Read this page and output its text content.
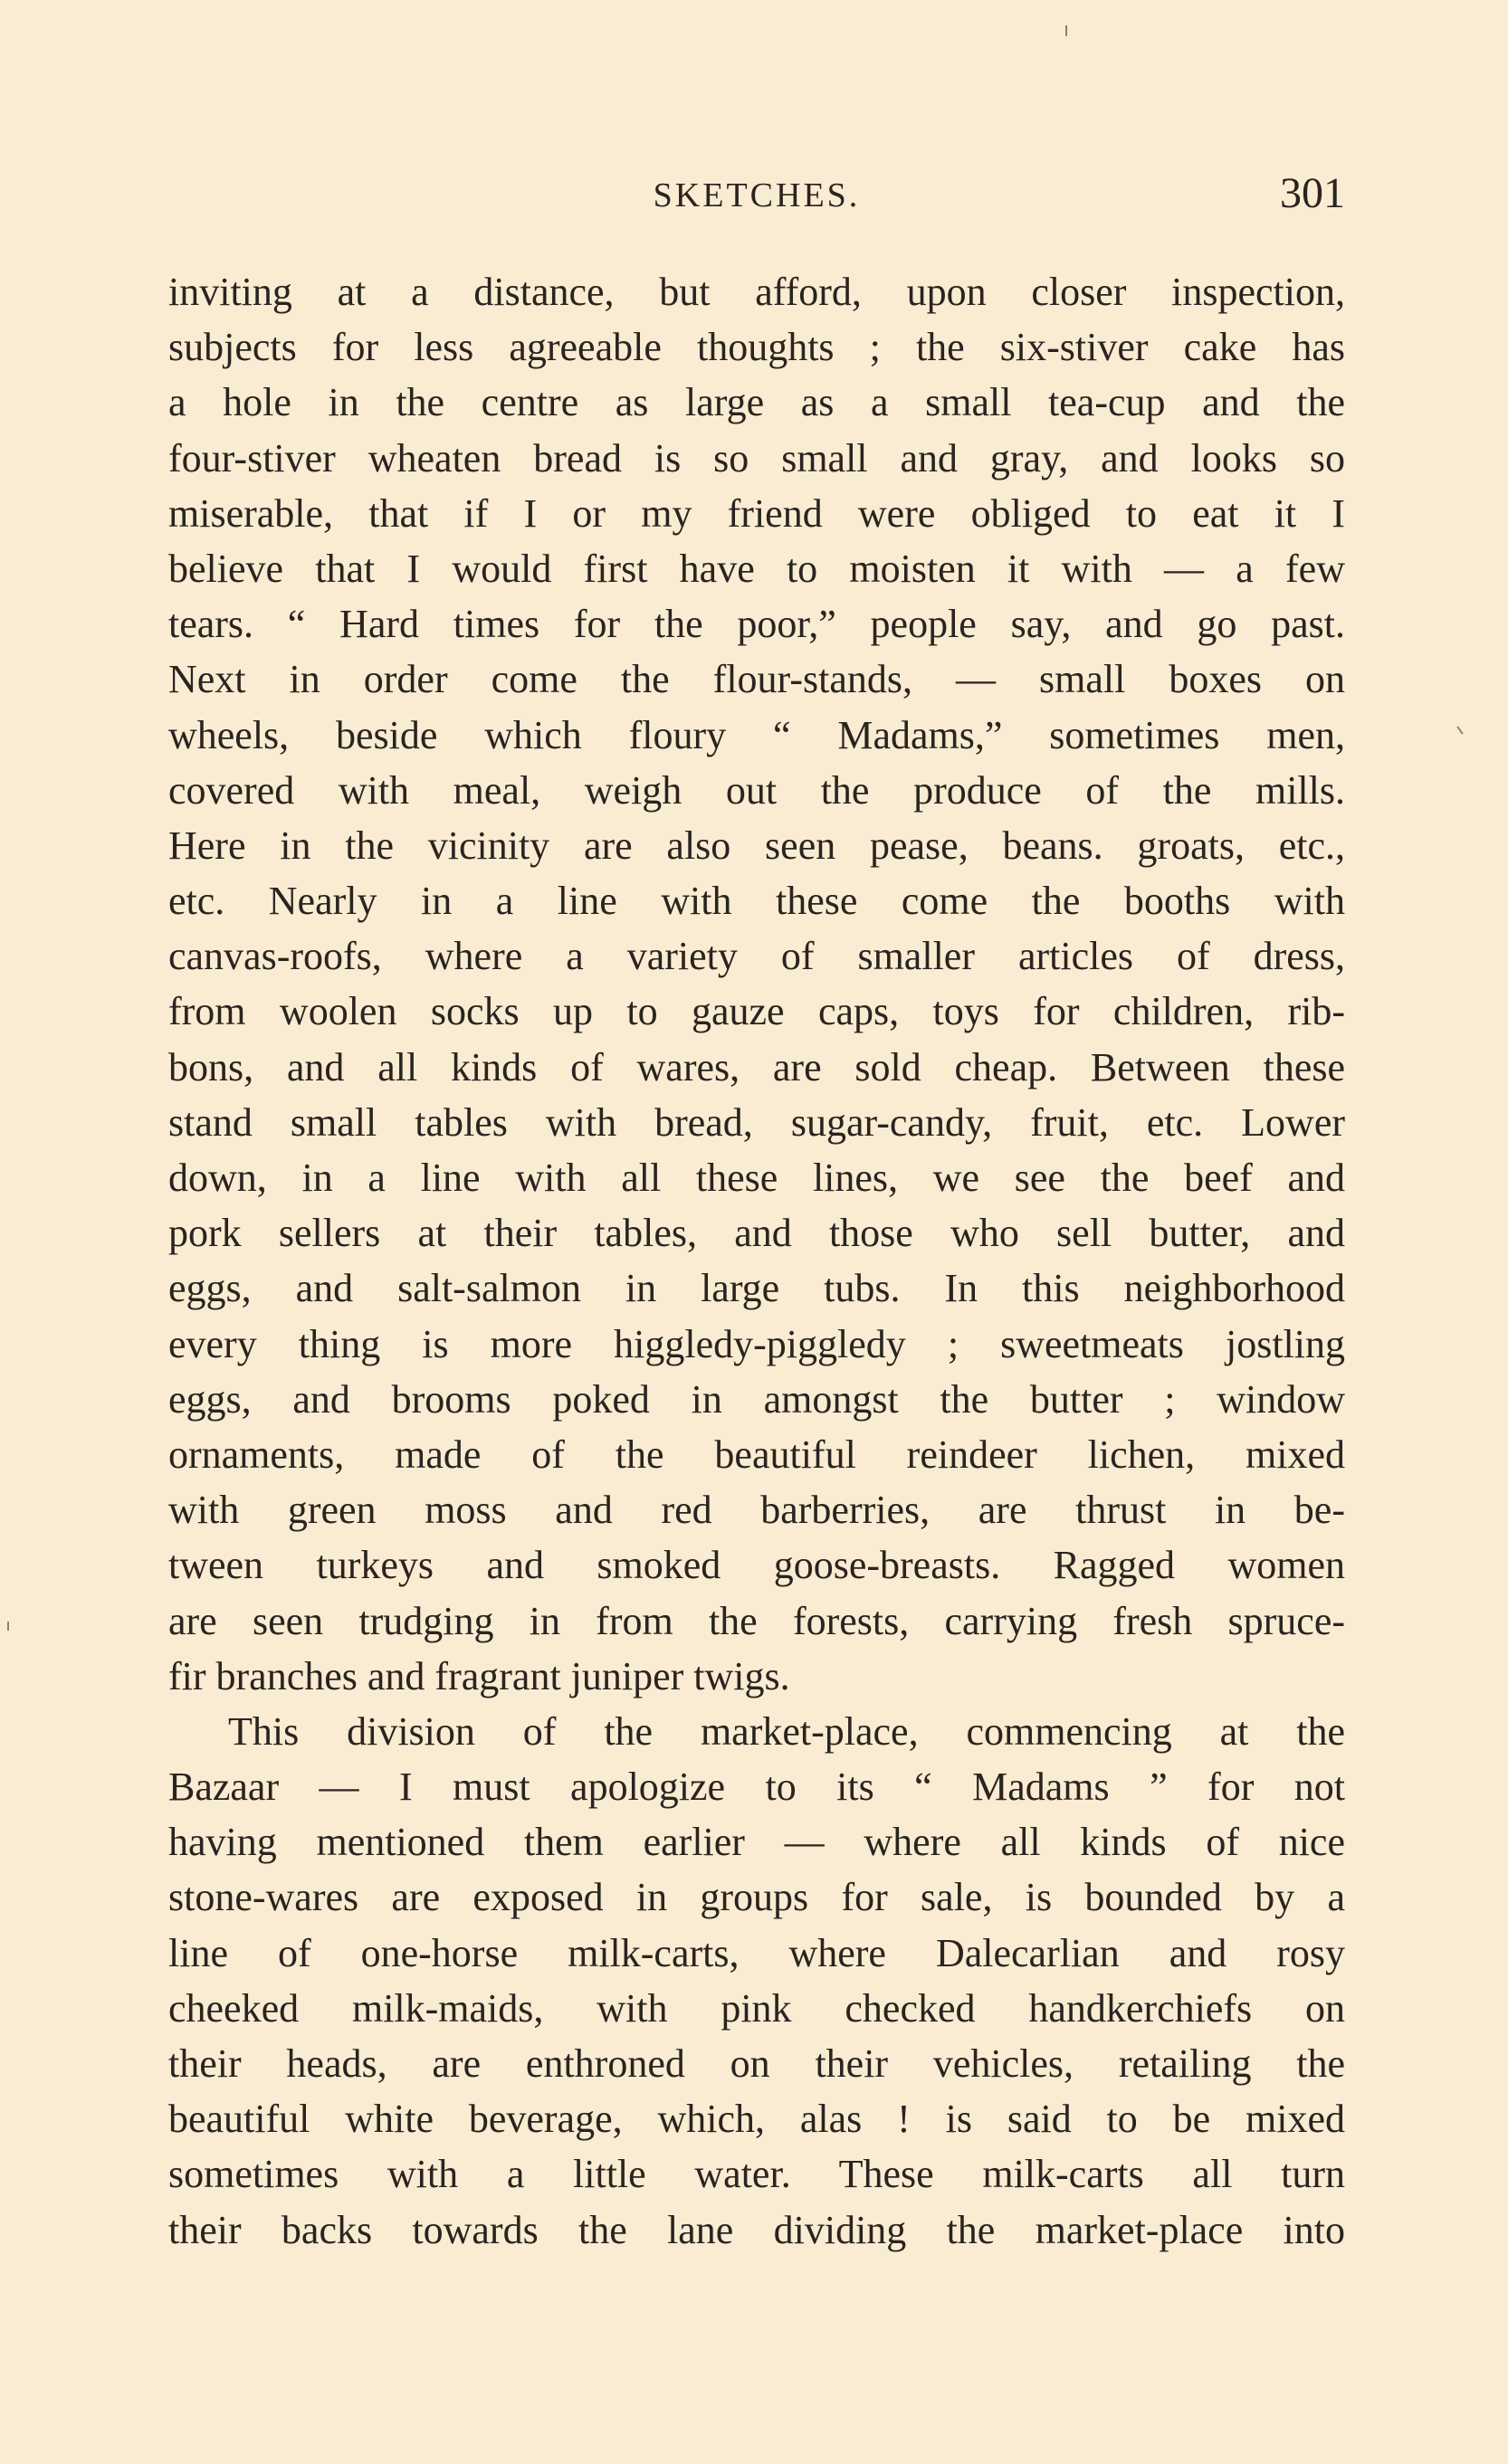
SKETCHES.	301
inviting at a distance, but afford, upon closer inspection,
subjects for less agreeable thoughts ; the six-stiver cake has
a hole in the centre as large as a small tea-cup and the
four-stiver wheaten bread is so small and gray, and looks so
miserable, that if I or my friend were obliged to eat it I
believe that I would first have to moisten it with — a few
tears. “ Hard times for the poor,” people say, and go past.
Next in order come the flour-stands, — small boxes on
wheels, beside which floury “ Madams,” sometimes men,
covered with meal, weigh out the produce of the mills.
Here in the vicinity are also seen pease, beans. groats, etc.,
etc. Nearly in a line with these come the booths with
canvas-roofs, where a variety of smaller articles of dress,
from woolen socks up to gauze caps, toys for children, rib-
bons, and all kinds of wares, are sold cheap. Between these
stand small tables with bread, sugar-candy, fruit, etc. Lower
down, in a line with all these lines, we see the beef and
pork sellers at their tables, and those who sell butter, and
eggs, and salt-salmon in large tubs. In this neighborhood
every thing is more higgledy-piggledy ; sweetmeats jostling
eggs, and brooms poked in amongst the butter ; window
ornaments, made of the beautiful reindeer lichen, mixed
with green moss and red barberries, are thrust in be-
tween turkeys and smoked goose-breasts. Ragged women
are seen trudging in from the forests, carrying fresh spruce-
fir branches and fragrant juniper twigs.
This division of the market-place, commencing at the
Bazaar — I must apologize to its “ Madams ” for not
having mentioned them earlier — where all kinds of nice
stone-wares are exposed in groups for sale, is bounded by a
line of one-horse milk-carts, where Dalecarlian and rosy
cheeked milk-maids, with pink checked handkerchiefs on
their heads, are enthroned on their vehicles, retailing the
beautiful white beverage, which, alas ! is said to be mixed
sometimes with a little water. These milk-carts all turn
their backs towards the lane dividing the market-place into
